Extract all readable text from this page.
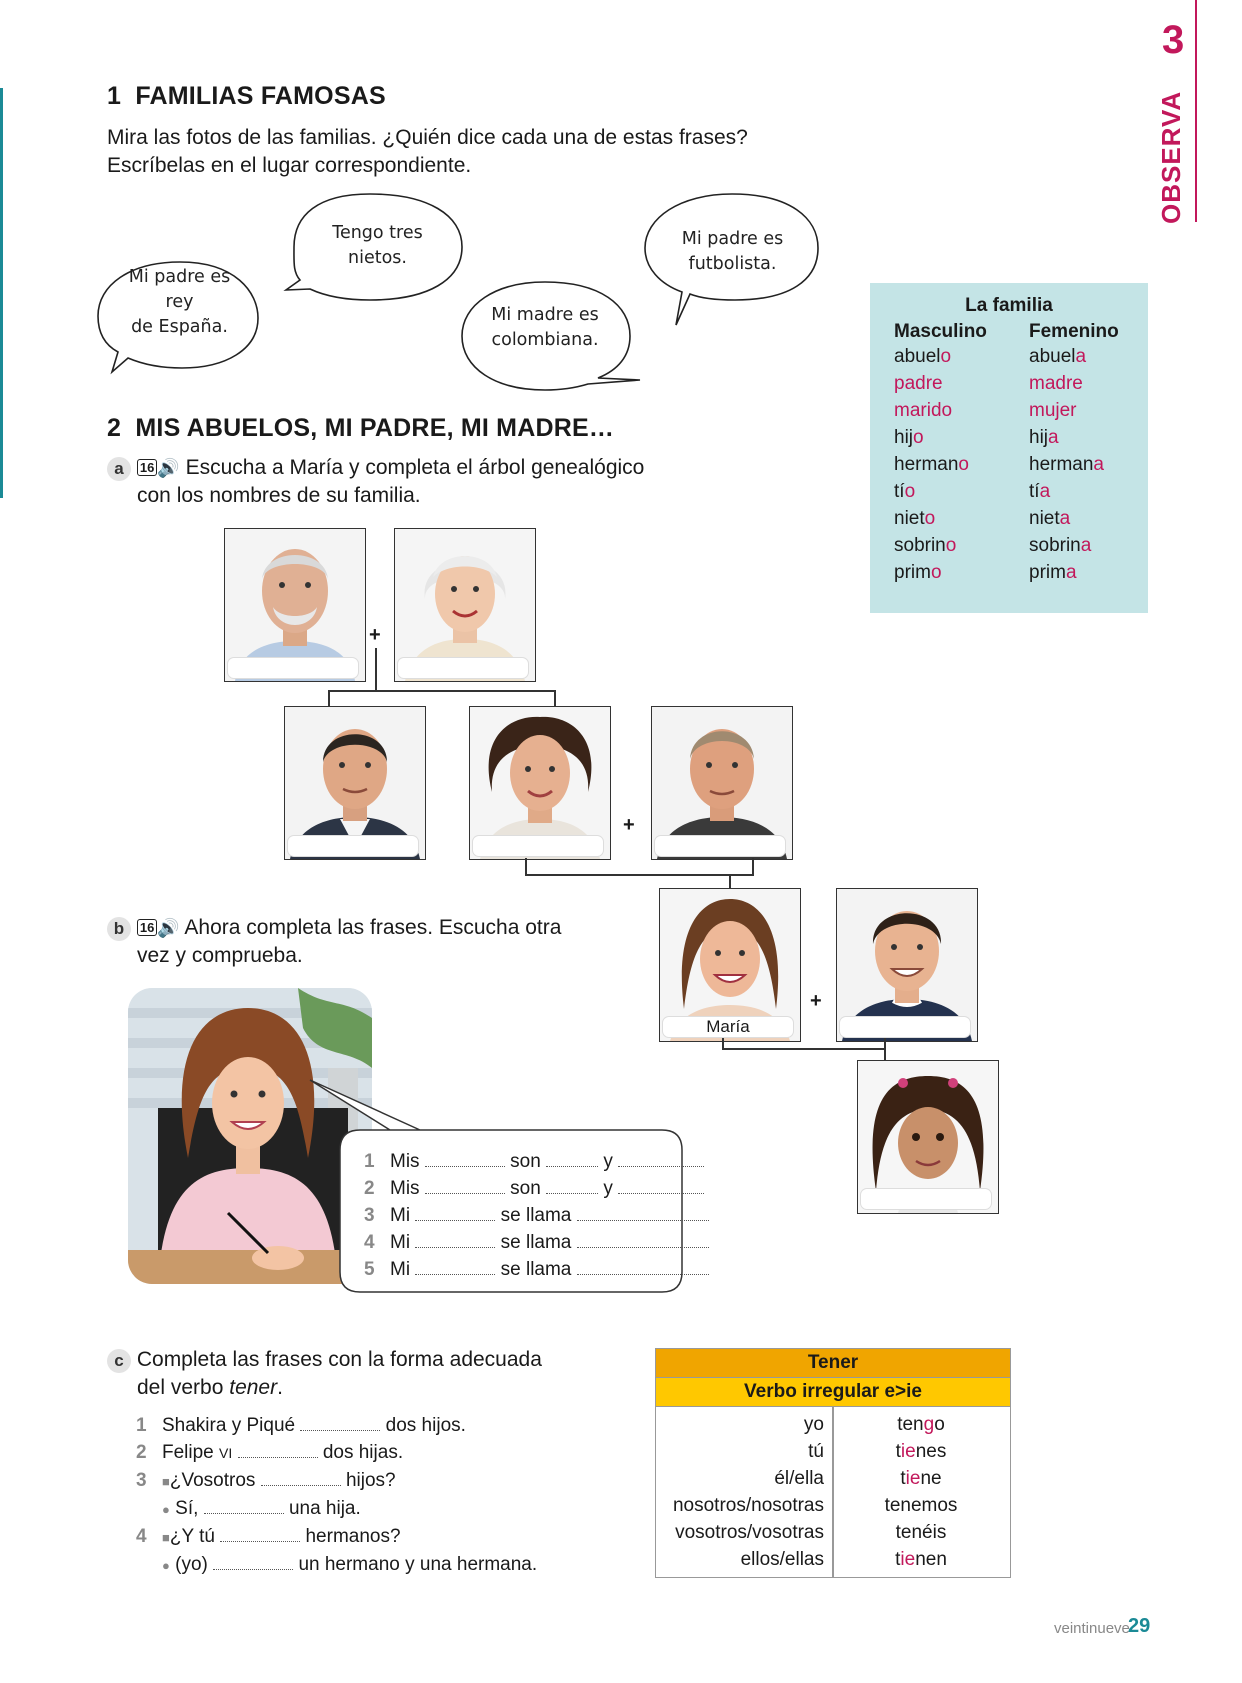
1 FAMILIAS FAMOSAS
Mira las fotos de las familias. ¿Quién dice cada una de estas frases?
Escríbelas en el lugar correspondiente.
Mi padre es
rey
de España.
Tengo tres
nietos.
Mi madre es
colombiana.
Mi padre es
futbolista.
2 MIS ABUELOS, MI PADRE, MI MADRE…
a 16 🔊 Escucha a María y completa el árbol genealógico
con los nombres de su familia.
+
+
María
+
b 16 🔊 Ahora completa las frases. Escucha otra
vez y comprueba.
1 Mis	son	y
2 Mis	son	y
3 Mi	se llama
4 Mi	se llama
5 Mi	se llama
c Completa las frases con la forma adecuada
del verbo tener.
1 Shakira y Piqué	dos hijos.
2 Felipe VI	dos hijas.
3 ■¿Vosotros	hijos?
● Sí,	una hija.
4 ■¿Y tú	hermanos?
● (yo)	un hermano y una hermana.
3
OBSERVA
La familia
Masculino	Femenino
abuelo	abuela
padre	madre
marido	mujer
hijo	hija
hermano	hermana
tío	tía
nieto	nieta
sobrino	sobrina
primo	prima
Tener
Verbo irregular e>ie
yo	tengo
tú	tienes
él/ella	tiene
nosotros/nosotras	tenemos
vosotros/vosotras	tenéis
ellos/ellas	tienen
veintinueve
29
